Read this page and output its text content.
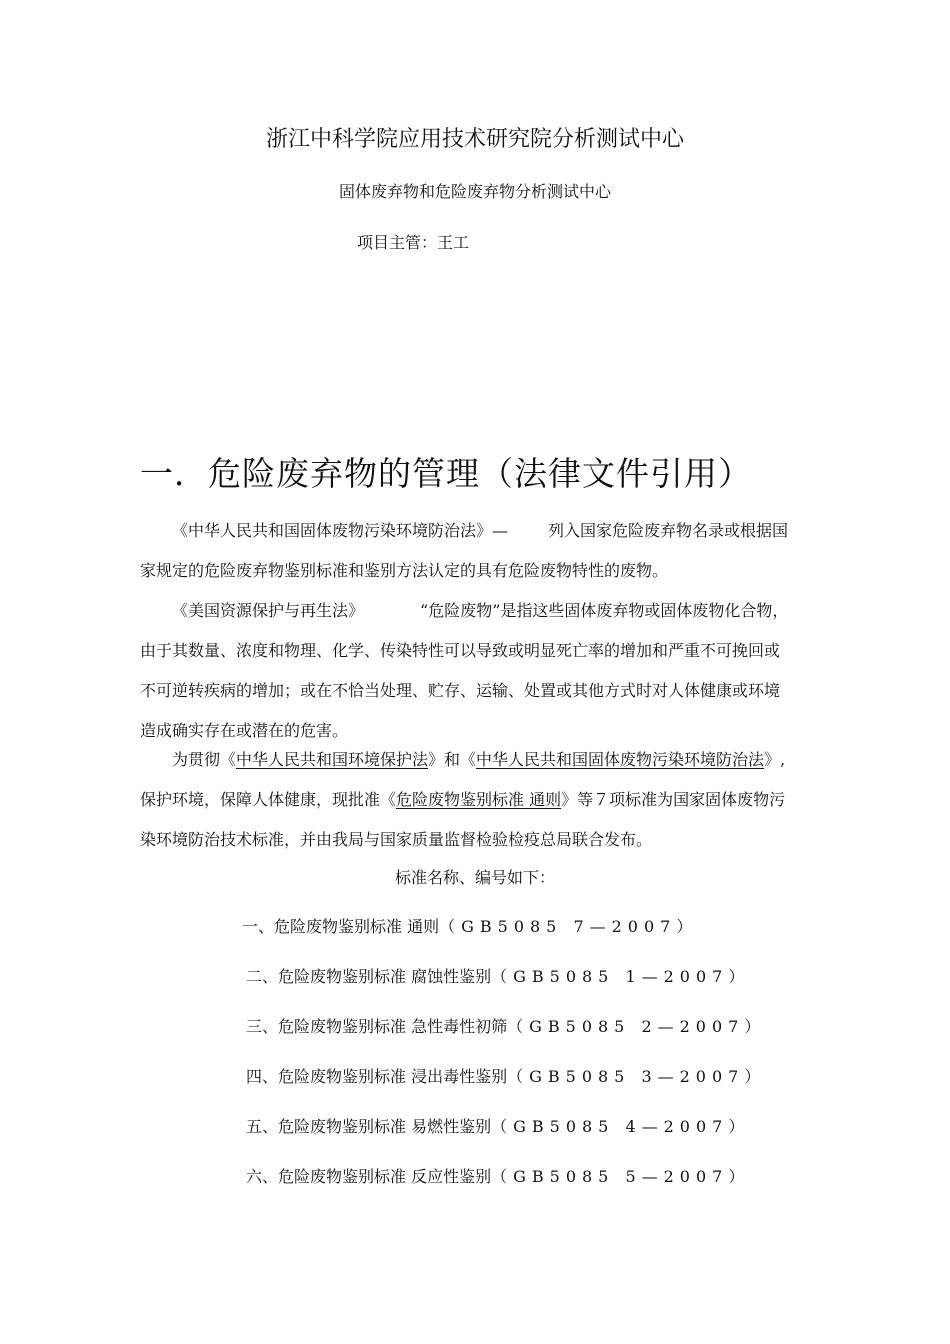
浙江中科学院应用技术研究院分析测试中心
固体废弃物和危险废弃物分析测试中心
项目主管：王工
一．危险废弃物的管理（法律文件引用）
《中华人民共和国固体废物污染环境防治法》—	列入国家危险废弃物名录或根据国
家规定的危险废弃物鉴别标准和鉴别方法认定的具有危险废物特性的废物。
《美国资源保护与再生法》	“危险废物”是指这些固体废弃物或固体废物化合物，
由于其数量、浓度和物理、化学、传染特性可以导致或明显死亡率的增加和严重不可挽回或
不可逆转疾病的增加；或在不恰当处理、贮存、运输、处置或其他方式时对人体健康或环境
造成确实存在或潜在的危害。
为贯彻《中华人民共和国环境保护法》和《中华人民共和国固体废物污染环境防治法》,
保护环境，保障人体健康，现批准《危险废物鉴别标准 通则》等７项标准为国家固体废物污
染环境防治技术标准，并由我局与国家质量监督检验检疫总局联合发布。
标准名称、编号如下：
一、危险废物鉴别标准 通则（GB5085 7—2007）
二、危险废物鉴别标准 腐蚀性鉴别（GB5085 1—2007）
三、危险废物鉴别标准 急性毒性初筛（GB5085 2—2007）
四、危险废物鉴别标准 浸出毒性鉴别（GB5085 3—2007）
五、危险废物鉴别标准 易燃性鉴别（GB5085 4—2007）
六、危险废物鉴别标准 反应性鉴别（GB5085 5—2007）
